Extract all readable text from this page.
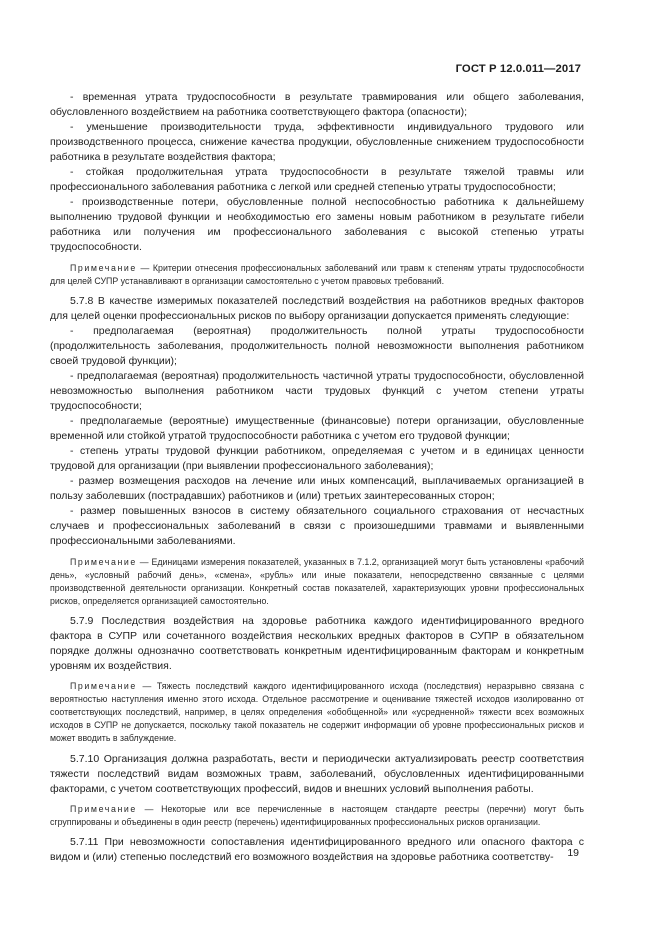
ГОСТ Р 12.0.011—2017

- временная утрата трудоспособности в результате травмирования или общего заболевания, обусловленного воздействием на работника соответствующего фактора (опасности);

- уменьшение производительности труда, эффективности индивидуального трудового или производственного процесса, снижение качества продукции, обусловленные снижением трудоспособности работника в результате воздействия фактора;

- стойкая продолжительная утрата трудоспособности в результате тяжелой травмы или профессионального заболевания работника с легкой или средней степенью утраты трудоспособности;

- производственные потери, обусловленные полной неспособностью работника к дальнейшему выполнению трудовой функции и необходимостью его замены новым работником в результате гибели работника или получения им профессионального заболевания с высокой степенью утраты трудоспособности.

Примечание — Критерии отнесения профессиональных заболеваний или травм к степеням утраты трудоспособности для целей СУПР устанавливают в организации самостоятельно с учетом правовых требований.

5.7.8 В качестве измеримых показателей последствий воздействия на работников вредных факторов для целей оценки профессиональных рисков по выбору организации допускается применять следующие:

- предполагаемая (вероятная) продолжительность полной утраты трудоспособности (продолжительность заболевания, продолжительность полной невозможности выполнения работником своей трудовой функции);

- предполагаемая (вероятная) продолжительность частичной утраты трудоспособности, обусловленной невозможностью выполнения работником части трудовых функций с учетом степени утраты трудоспособности;

- предполагаемые (вероятные) имущественные (финансовые) потери организации, обусловленные временной или стойкой утратой трудоспособности работника с учетом его трудовой функции;

- степень утраты трудовой функции работником, определяемая с учетом и в единицах ценности трудовой для организации (при выявлении профессионального заболевания);

- размер возмещения расходов на лечение или иных компенсаций, выплачиваемых организацией в пользу заболевших (пострадавших) работников и (или) третьих заинтересованных сторон;

- размер повышенных взносов в систему обязательного социального страхования от несчастных случаев и профессиональных заболеваний в связи с произошедшими травмами и выявленными профессиональными заболеваниями.

Примечание — Единицами измерения показателей, указанных в 7.1.2, организацией могут быть установлены «рабочий день», «условный рабочий день», «смена», «рубль» или иные показатели, непосредственно связанные с целями производственной деятельности организации. Конкретный состав показателей, характеризующих уровни профессиональных рисков, определяется организацией самостоятельно.

5.7.9 Последствия воздействия на здоровье работника каждого идентифицированного вредного фактора в СУПР или сочетанного воздействия нескольких вредных факторов в СУПР в обязательном порядке должны однозначно соответствовать конкретным идентифицированным факторам и конкретным уровням их воздействия.

Примечание — Тяжесть последствий каждого идентифицированного исхода (последствия) неразрывно связана с вероятностью наступления именно этого исхода. Отдельное рассмотрение и оценивание тяжестей исходов изолированно от соответствующих последствий, например, в целях определения «обобщенной» или «усредненной» тяжести всех возможных исходов в СУПР не допускается, поскольку такой показатель не содержит информации об уровне профессиональных рисков и может вводить в заблуждение.

5.7.10 Организация должна разработать, вести и периодически актуализировать реестр соответствия тяжести последствий видам возможных травм, заболеваний, обусловленных идентифицированными факторами, с учетом соответствующих профессий, видов и внешних условий выполнения работы.

Примечание — Некоторые или все перечисленные в настоящем стандарте реестры (перечни) могут быть сгруппированы и объединены в один реестр (перечень) идентифицированных профессиональных рисков организации.

5.7.11 При невозможности сопоставления идентифицированного вредного или опасного фактора с видом и (или) степенью последствий его возможного воздействия на здоровье работника соответству-	19
